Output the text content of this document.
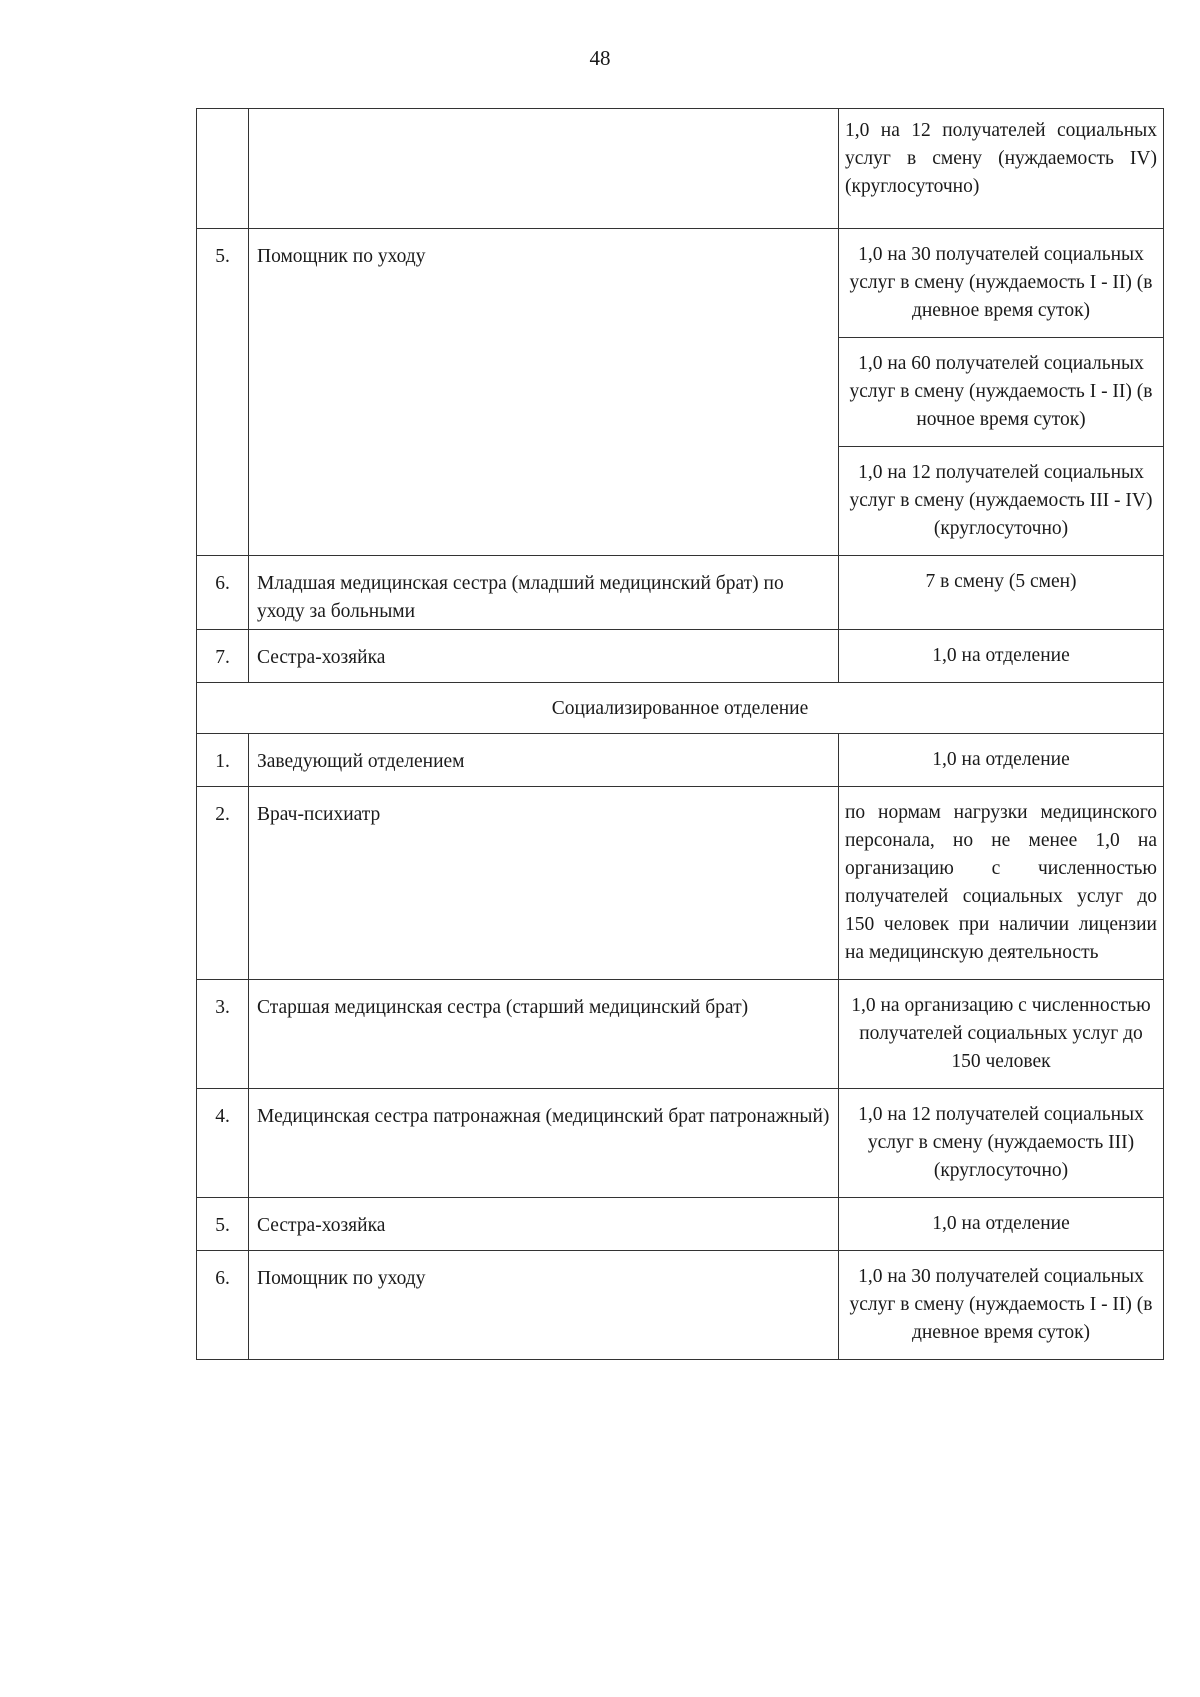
48
		1,0 на 12 получателей социальных услуг в смену (нуждаемость IV) (круглосуточно)
5.	Помощник по уходу	1,0 на 30 получателей социальных услуг в смену (нуждаемость I - II) (в дневное время суток)
		1,0 на 60 получателей социальных услуг в смену (нуждаемость I - II) (в ночное время суток)
		1,0 на 12 получателей социальных услуг в смену (нуждаемость III - IV) (круглосуточно)
6.	Младшая медицинская сестра (младший медицинский брат) по уходу за больными	7 в смену (5 смен)
7.	Сестра-хозяйка	1,0 на отделение
Социализированное отделение		
1.	Заведующий отделением	1,0 на отделение
2.	Врач-психиатр	по нормам нагрузки медицинского персонала, но не менее 1,0 на организацию с численностью получателей социальных услуг до 150 человек при наличии лицензии на медицинскую деятельность
3.	Старшая медицинская сестра (старший медицинский брат)	1,0 на организацию с численностью получателей социальных услуг до 150 человек
4.	Медицинская сестра патронажная (медицинский брат патронажный)	1,0 на 12 получателей социальных услуг в смену (нуждаемость III) (круглосуточно)
5.	Сестра-хозяйка	1,0 на отделение
6.	Помощник по уходу	1,0 на 30 получателей социальных услуг в смену (нуждаемость I - II) (в дневное время суток)
